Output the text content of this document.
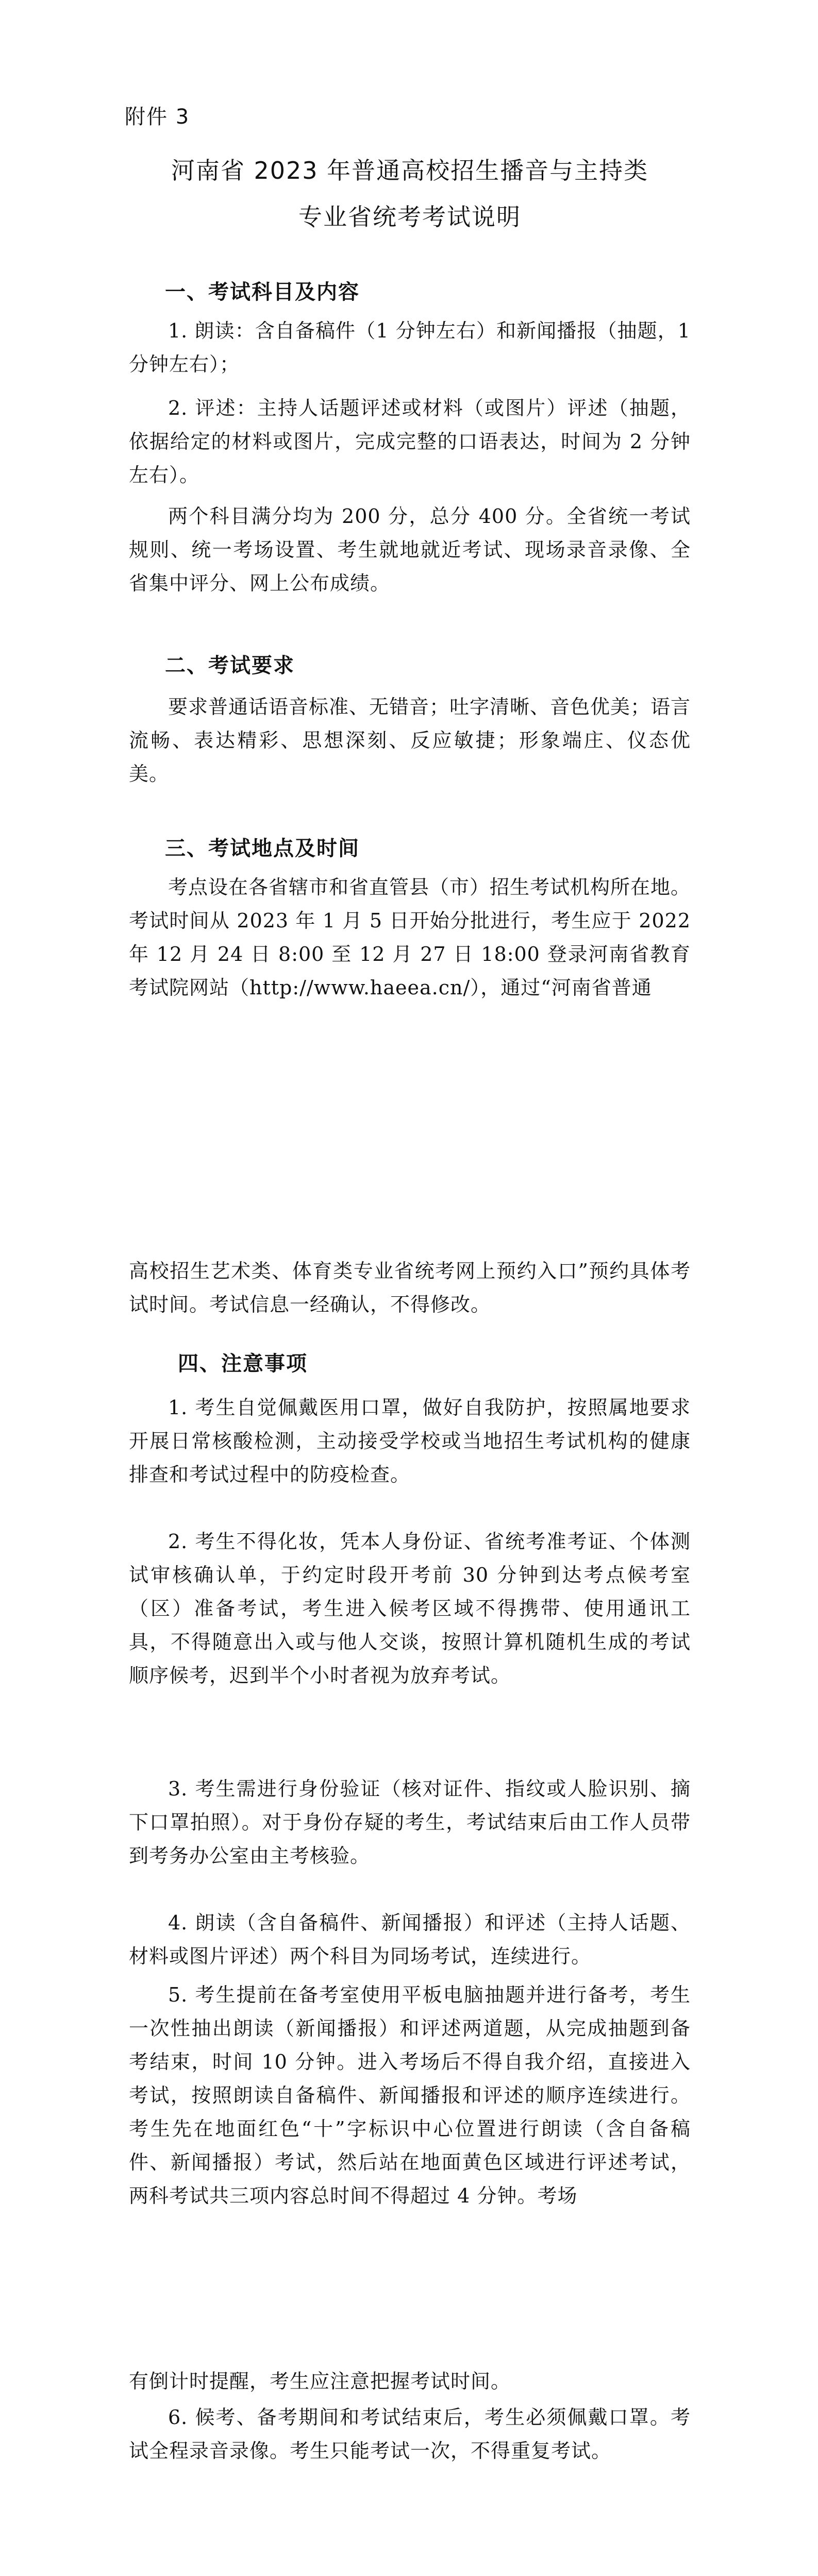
附件 3
河南省 2023 年普通高校招生播音与主持类
专业省统考考试说明
一、考试科目及内容

1. 朗读：含自备稿件（1 分钟左右）和新闻播报（抽题，1 分钟左右）；

2. 评述：主持人话题评述或材料（或图片）评述（抽题，依据给定的材料或图片，完成完整的口语表达，时间为 2 分钟左右）。

两个科目满分均为 200 分，总分 400 分。全省统一考试规则、统一考场设置、考生就地就近考试、现场录音录像、全省集中评分、网上公布成绩。

二、考试要求

要求普通话语音标准、无错音；吐字清晰、音色优美；语言流畅、表达精彩、思想深刻、反应敏捷；形象端庄、仪态优美。

三、考试地点及时间

考点设在各省辖市和省直管县（市）招生考试机构所在地。考试时间从 2023 年 1 月 5 日开始分批进行，考生应于 2022 年 12 月 24 日 8:00 至 12 月 27 日 18:00 登录河南省教育考试院网站（http://www.haeea.cn/），通过“河南省普通

高校招生艺术类、体育类专业省统考网上预约入口”预约具体考试时间。考试信息一经确认，不得修改。

四、注意事项

1. 考生自觉佩戴医用口罩，做好自我防护，按照属地要求开展日常核酸检测，主动接受学校或当地招生考试机构的健康排查和考试过程中的防疫检查。

2. 考生不得化妆，凭本人身份证、省统考准考证、个体测试审核确认单，于约定时段开考前 30 分钟到达考点候考室（区）准备考试，考生进入候考区域不得携带、使用通讯工具，不得随意出入或与他人交谈，按照计算机随机生成的考试顺序候考，迟到半个小时者视为放弃考试。

3. 考生需进行身份验证（核对证件、指纹或人脸识别、摘下口罩拍照）。对于身份存疑的考生，考试结束后由工作人员带到考务办公室由主考核验。

4. 朗读（含自备稿件、新闻播报）和评述（主持人话题、材料或图片评述）两个科目为同场考试，连续进行。

5. 考生提前在备考室使用平板电脑抽题并进行备考，考生一次性抽出朗读（新闻播报）和评述两道题，从完成抽题到备考结束，时间 10 分钟。进入考场后不得自我介绍，直接进入考试，按照朗读自备稿件、新闻播报和评述的顺序连续进行。考生先在地面红色“十”字标识中心位置进行朗读（含自备稿件、新闻播报）考试，然后站在地面黄色区域进行评述考试，两科考试共三项内容总时间不得超过 4 分钟。考场

有倒计时提醒，考生应注意把握考试时间。

6. 候考、备考期间和考试结束后，考生必须佩戴口罩。考试全程录音录像。考生只能考试一次，不得重复考试。
